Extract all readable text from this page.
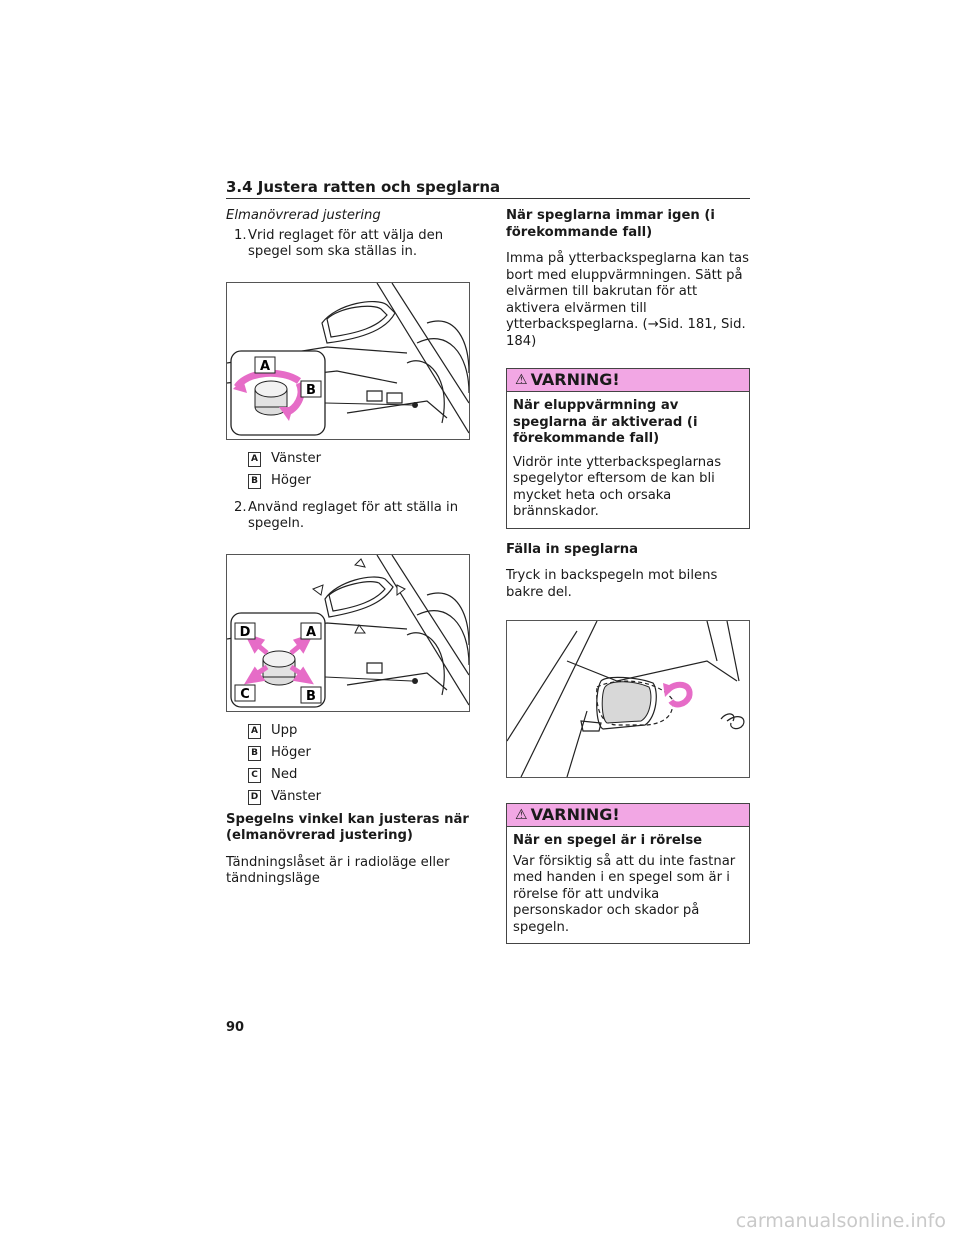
3.4 Justera ratten och speglarna

Elmanövrerad justering

1. Vrid reglaget för att välja den spegel som ska ställas in.
A
B
A Vänster
B Höger
2. Använd reglaget för att ställa in spegeln.
D	A
C	B
A Upp
B Höger
C Ned
D Vänster

Spegelns vinkel kan justeras när (elmanövrerad justering)

Tändningslåset är i radioläge eller tändningsläge

När speglarna immar igen (i förekommande fall)

Imma på ytterbackspeglarna kan tas bort med eluppvärmningen. Sätt på elvärmen till bakrutan för att aktivera elvärmen till ytterbackspeglarna. (→Sid. 181, Sid. 184)

⚠ VARNING!

När eluppvärmning av speglarna är aktiverad (i förekommande fall)

Vidrör inte ytterbackspeglarnas spegelytor eftersom de kan bli mycket heta och orsaka brännskador.

Fälla in speglarna

Tryck in backspegeln mot bilens bakre del.

⚠ VARNING!

När en spegel är i rörelse

Var försiktig så att du inte fastnar med handen i en spegel som är i rörelse för att undvika personskador och skador på spegeln.

90
carmanualsonline.info
